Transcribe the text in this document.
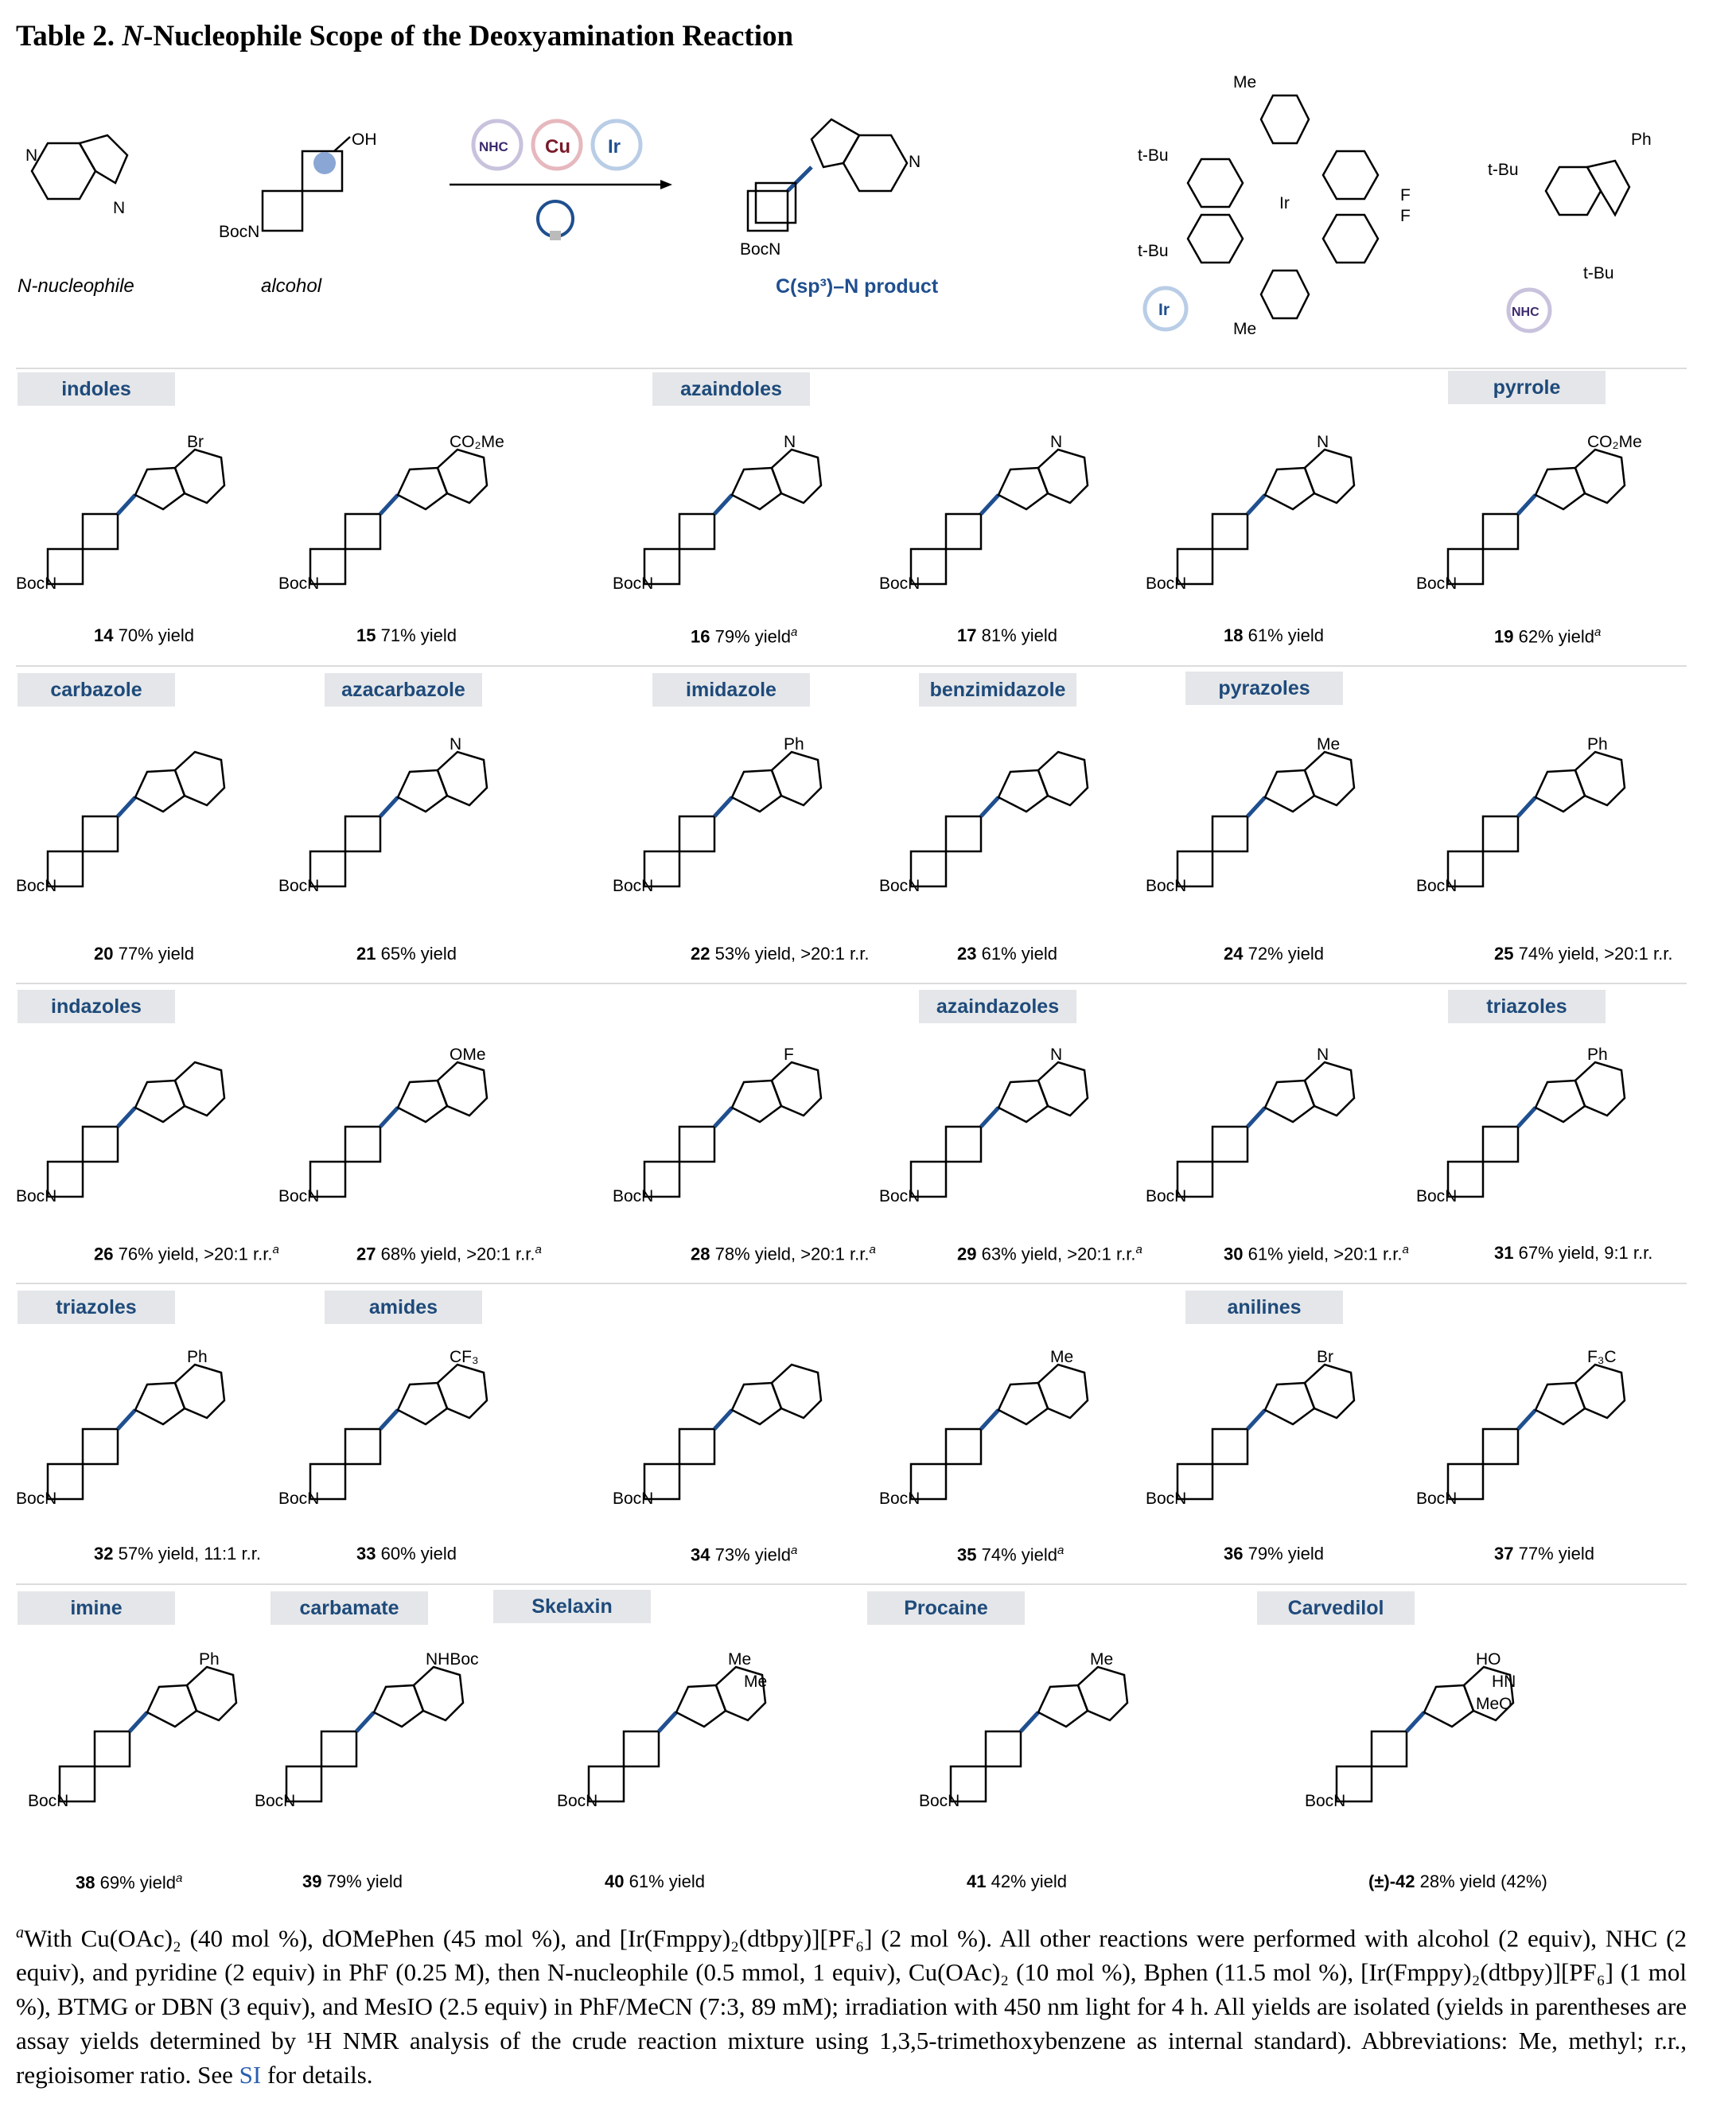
Table 2. N-Nucleophile Scope of the Deoxyamination Reaction
N
N
N-nucleophile
OH
BocN
alcohol
NHC Cu Ir
N
BocN
C(sp³)–N product
Me
t-Bu
t-Bu
F
F
Me
Ir
Ir
Ph
t-Bu
t-Bu
NHC
indoles	azaindoles	pyrrole
carbazole	azacarbazole	imidazole	benzimidazole	pyrazoles
indazoles	azaindazoles	triazoles
triazoles	amides	anilines
imine	carbamate	Skelaxin	Procaine	Carvedilol
BocN
Br
BocN
CO₂Me
BocN
N
BocN
N
BocN
N
BocN
CO₂Me
BocN	BocN
N
BocN
Ph
BocN	BocN
Me
BocN
Ph
BocN	BocN
OMe
BocN
F
BocN
N
BocN
N
BocN
Ph
BocN
Ph
BocN
CF₃
BocN	BocN
Me
BocN
Br
BocN
F₃C
BocN
Ph
BocN
NHBoc
BocN
Me
Me
BocN
Me
BocN
HO
HN
MeO
14 70% yield	15 71% yield	16 79% yield$^a$	17 81% yield	18 61% yield	19 62% yield$^a$
20 77% yield	21 65% yield	22 53% yield, >20:1 r.r.	23 61% yield	24 72% yield	25 74% yield, >20:1 r.r.
26 76% yield, >20:1 r.r.$^a$	27 68% yield, >20:1 r.r.$^a$	28 78% yield, >20:1 r.r.$^a$	29 63% yield, >20:1 r.r.$^a$	30 61% yield, >20:1 r.r.$^a$	31 67% yield, 9:1 r.r.
32 57% yield, 11:1 r.r.	33 60% yield	34 73% yield$^a$	35 74% yield$^a$	36 79% yield	37 77% yield
38 69% yield$^a$	39 79% yield	40 61% yield	41 42% yield	(±)-42 28% yield (42%)
$^a$With Cu(OAc)₂ (40 mol %), dOMePhen (45 mol %), and [Ir(Fmppy)₂(dtbpy)][PF₆] (2 mol %). All other reactions were performed with alcohol (2 equiv), NHC (2 equiv), and pyridine (2 equiv) in PhF (0.25 M), then N-nucleophile (0.5 mmol, 1 equiv), Cu(OAc)₂ (10 mol %), Bphen (11.5 mol %), [Ir(Fmppy)₂(dtbpy)][PF₆] (1 mol %), BTMG or DBN (3 equiv), and MesIO (2.5 equiv) in PhF/MeCN (7:3, 89 mM); irradiation with 450 nm light for 4 h. All yields are isolated (yields in parentheses are assay yields determined by ¹H NMR analysis of the crude reaction mixture using 1,3,5-trimethoxybenzene as internal standard). Abbreviations: Me, methyl; r.r., regioisomer ratio. See SI for details.
